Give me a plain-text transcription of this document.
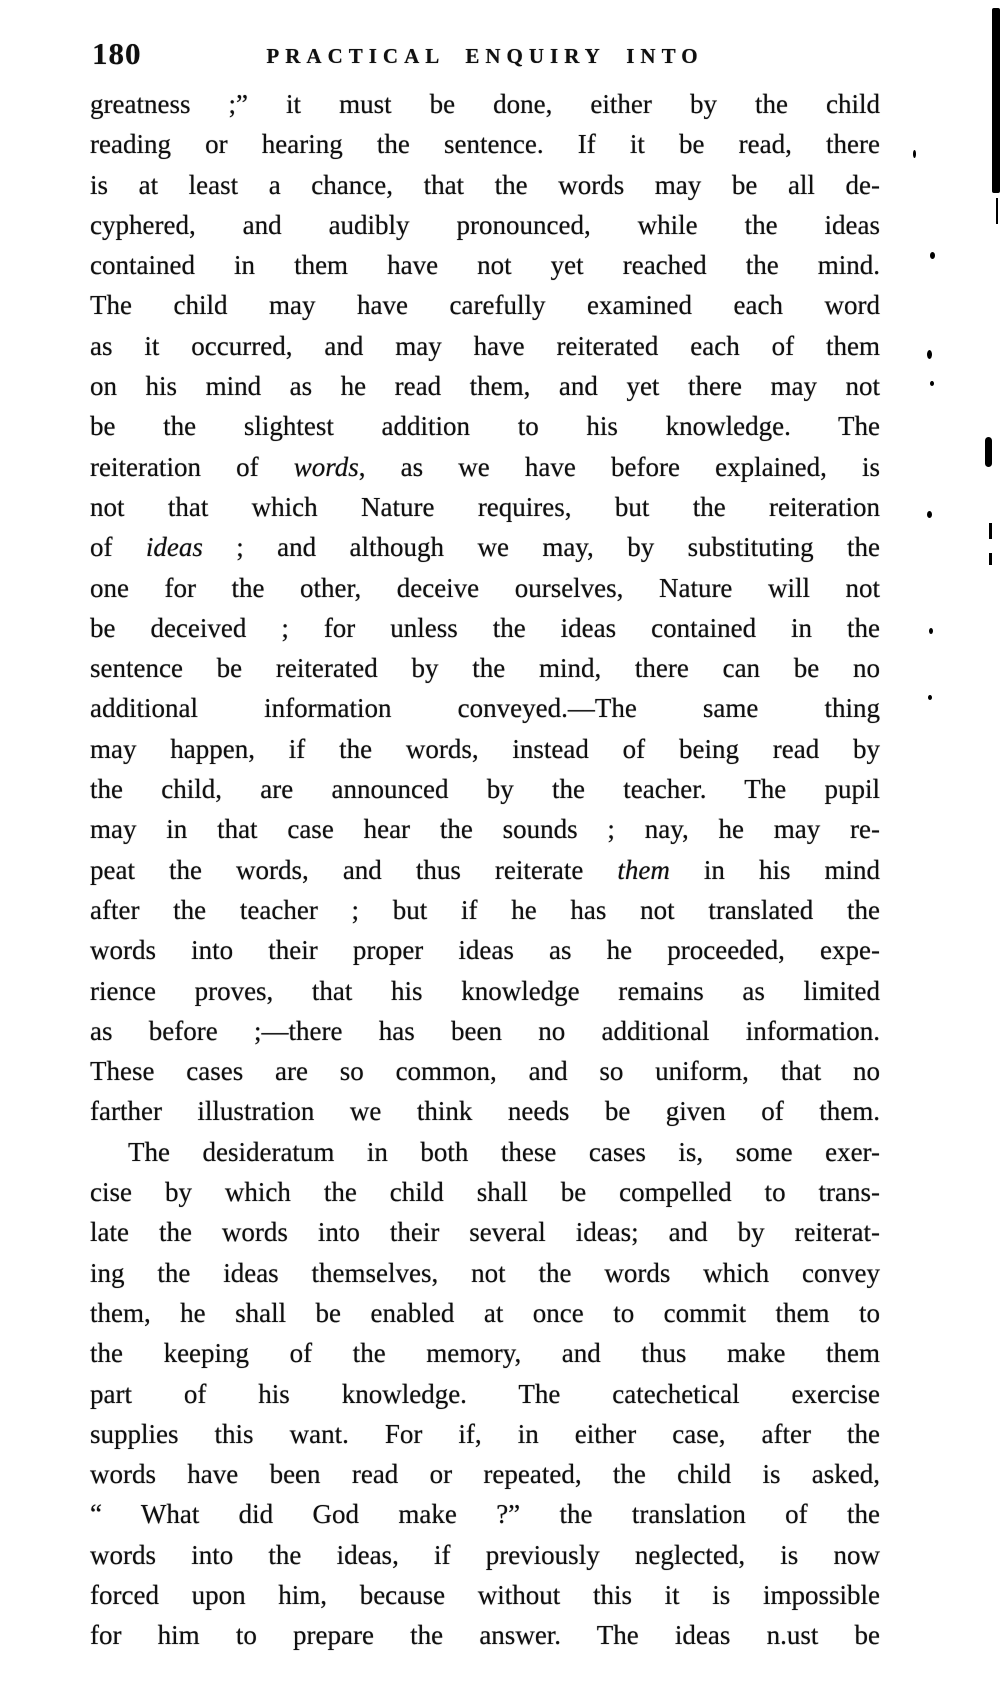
180	PRACTICAL ENQUIRY INTO
greatness ;” it must be done, either by the child
reading or hearing the sentence. If it be read, there
is at least a chance, that the words may be all de-
cyphered, and audibly pronounced, while the ideas
contained in them have not yet reached the mind.
The child may have carefully examined each word
as it occurred, and may have reiterated each of them
on his mind as he read them, and yet there may not
be the slightest addition to his knowledge. The
reiteration of words, as we have before explained, is
not that which Nature requires, but the reiteration
of ideas ; and although we may, by substituting the
one for the other, deceive ourselves, Nature will not
be deceived ; for unless the ideas contained in the
sentence be reiterated by the mind, there can be no
additional information conveyed.—The same thing
may happen, if the words, instead of being read by
the child, are announced by the teacher. The pupil
may in that case hear the sounds ; nay, he may re-
peat the words, and thus reiterate them in his mind
after the teacher ; but if he has not translated the
words into their proper ideas as he proceeded, expe-
rience proves, that his knowledge remains as limited
as before ;—there has been no additional information.
These cases are so common, and so uniform, that no
farther illustration we think needs be given of them.
The desideratum in both these cases is, some exer-
cise by which the child shall be compelled to trans-
late the words into their several ideas; and by reiterat-
ing the ideas themselves, not the words which convey
them, he shall be enabled at once to commit them to
the keeping of the memory, and thus make them
part of his knowledge. The catechetical exercise
supplies this want. For if, in either case, after the
words have been read or repeated, the child is asked,
“ What did God make ?” the translation of the
words into the ideas, if previously neglected, is now
forced upon him, because without this it is impossible
for him to prepare the answer. The ideas n.ust be
